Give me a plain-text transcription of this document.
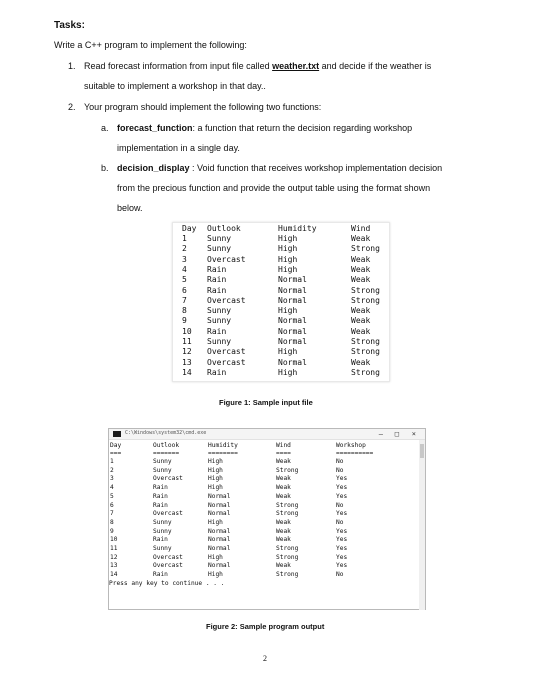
Tasks:
Write a C++ program to implement the following:
1. Read forecast information from input file called weather.txt and decide if the weather is
suitable to implement a workshop in that day..
2. Your program should implement the following two functions:
a. forecast_function: a function that return the decision regarding workshop
implementation in a single day.
b. decision_display : Void function that receives workshop implementation decision
from the precious function and provide the output table using the format shown
below.
Day Outlook	Humidity	Wind
1	Sunny	High	Weak
2	Sunny	High	Strong
3	Overcast	High	Weak
4	Rain	High	Weak
5	Rain	Normal	Weak
6	Rain	Normal	Strong
7	Overcast	Normal	Strong
8	Sunny	High	Weak
9	Sunny	Normal	Weak
10 Rain	Normal	Weak
11 Sunny	Normal	Strong
12 Overcast	High	Strong
13 Overcast	Normal	Weak
14 Rain	High	Strong
Figure 1: Sample input file
C:\Windows\system32\cmd.exe	– □ ×
Day	Outlook	Humidity	Wind	Workshop
===	=======	========	====	==========
1	Sunny	High	Weak	No
2	Sunny	High	Strong	No
3	Overcast	High	Weak	Yes
4	Rain	High	Weak	Yes
5	Rain	Normal	Weak	Yes
6	Rain	Normal	Strong	No
7	Overcast	Normal	Strong	Yes
8	Sunny	High	Weak	No
9	Sunny	Normal	Weak	Yes
10	Rain	Normal	Weak	Yes
11	Sunny	Normal	Strong	Yes
12	Overcast	High	Strong	Yes
13	Overcast	Normal	Weak	Yes
14	Rain	High	Strong	No
Press any key to continue . . .
Figure 2: Sample program output
2
